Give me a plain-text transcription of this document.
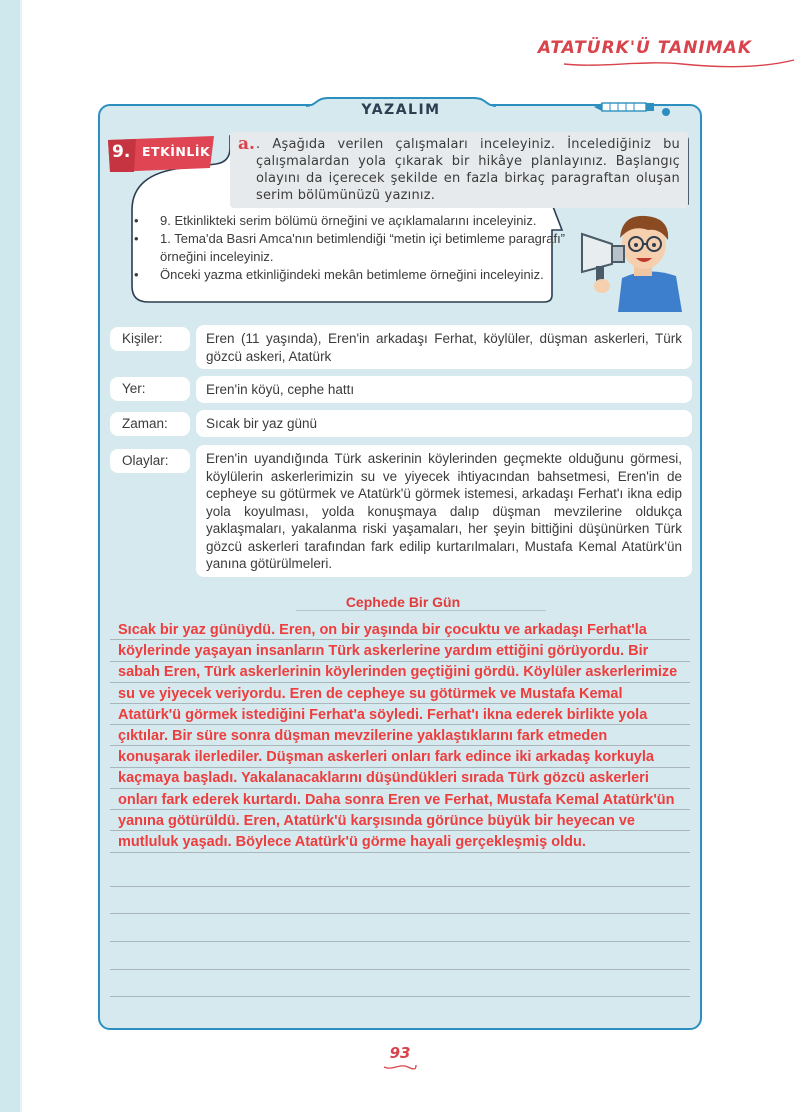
ATATÜRK'Ü TANIMAK
YAZALIM
a. . Aşağıda verilen çalışmaları inceleyiniz. İncelediğiniz bu çalışmalardan yola çıkarak bir hikâye planlayınız. Başlangıç olayını da içerecek şekilde en fazla birkaç paragraftan oluşan serim bölümünüzü yazınız.
9. ETKİNLİK
• 9. Etkinlikteki serim bölümü örneğini ve açıklamalarını inceleyiniz.
• 1. Tema'da Basri Amca'nın betimlendiği “metin içi betimleme paragrafı” örneğini inceleyiniz.
• Önceki yazma etkinliğindeki mekân betimleme örneğini inceleyiniz.
Kişiler:	Eren (11 yaşında), Eren'in arkadaşı Ferhat, köylüler, düşman askerleri, Türk gözcü askeri, Atatürk
Yer:	Eren'in köyü, cephe hattı
Zaman:	Sıcak bir yaz günü
Olaylar:	Eren'in uyandığında Türk askerinin köylerinden geçmekte olduğunu görmesi, köylülerin askerlerimizin su ve yiyecek ihtiyacından bahsetmesi, Eren'in de cepheye su götürmek ve Atatürk'ü görmek istemesi, arkadaşı Ferhat'ı ikna edip yola koyulması, yolda konuşmaya dalıp düşman mevzilerine oldukça yaklaşmaları, yakalanma riski yaşamaları, her şeyin bittiğini düşünürken Türk gözcü askerleri tarafından fark edilip kurtarılmaları, Mustafa Kemal Atatürk'ün yanına götürülmeleri.
Cephede Bir Gün
Sıcak bir yaz günüydü. Eren, on bir yaşında bir çocuktu ve arkadaşı Ferhat'la köylerinde yaşayan insanların Türk askerlerine yardım ettiğini görüyordu. Bir sabah Eren, Türk askerlerinin köylerinden geçtiğini gördü. Köylüler askerlerimize su ve yiyecek veriyordu. Eren de cepheye su götürmek ve Mustafa Kemal Atatürk'ü görmek istediğini Ferhat'a söyledi. Ferhat'ı ikna ederek birlikte yola çıktılar. Bir süre sonra düşman mevzilerine yaklaştıklarını fark etmeden konuşarak ilerlediler. Düşman askerleri onları fark edince iki arkadaş korkuyla kaçmaya başladı. Yakalanacaklarını düşündükleri sırada Türk gözcü askerleri onları fark ederek kurtardı. Daha sonra Eren ve Ferhat, Mustafa Kemal Atatürk'ün yanına götürüldü. Eren, Atatürk'ü karşısında görünce büyük bir heyecan ve mutluluk yaşadı. Böylece Atatürk'ü görme hayali gerçekleşmiş oldu.
93
